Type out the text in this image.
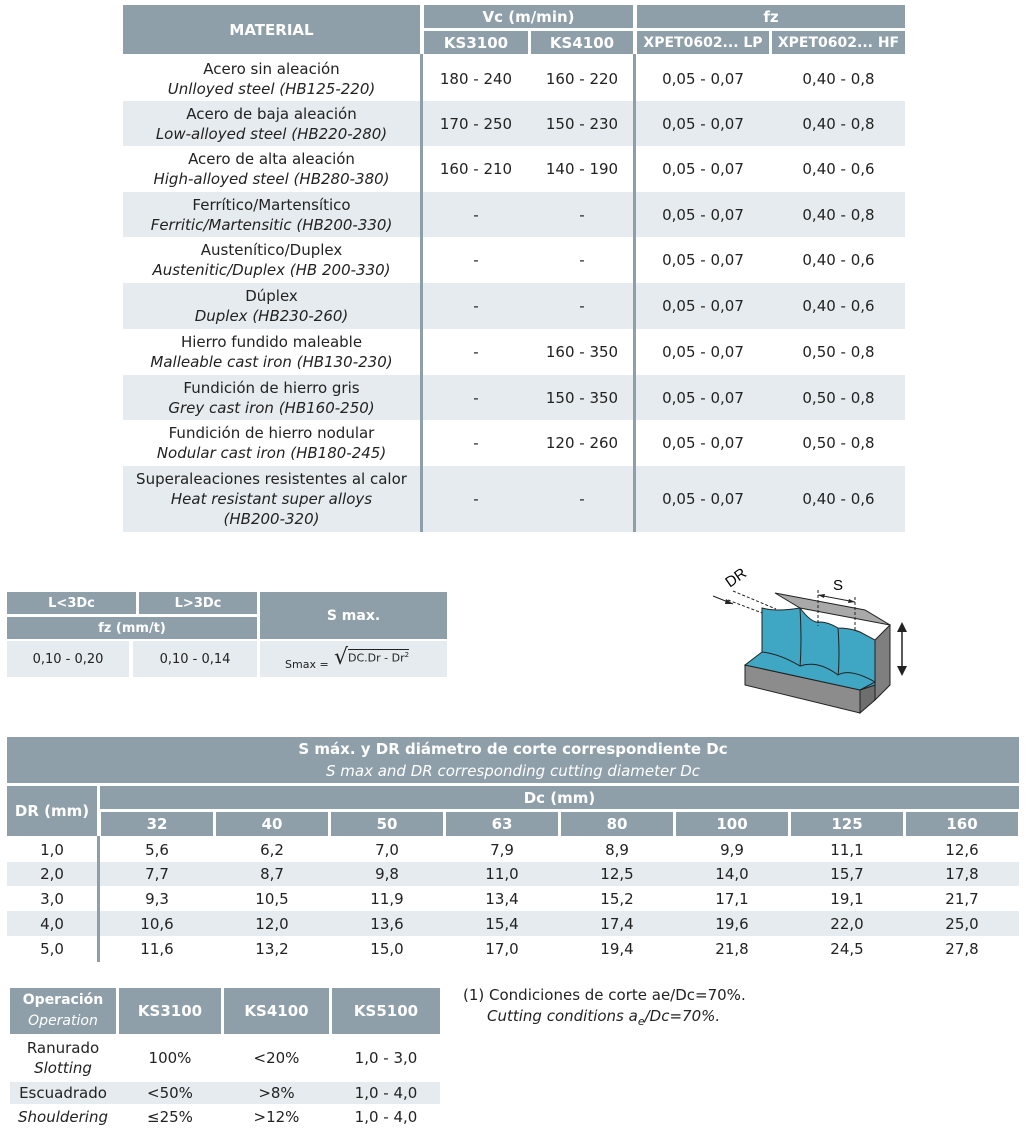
MATERIAL
Vc (m/min)	fz
KS3100	KS4100	XPET0602... LP	XPET0602... HF
Acero sin aleación
Unlloyed steel (HB125-220)
180 - 240	160 - 220	0,05 - 0,07	0,40 - 0,8
Acero de baja aleación
Low-alloyed steel (HB220-280)
170 - 250	150 - 230	0,05 - 0,07	0,40 - 0,8
Acero de alta aleación
High-alloyed steel (HB280-380)
160 - 210	140 - 190	0,05 - 0,07	0,40 - 0,6
Ferrítico/Martensítico
Ferritic/Martensitic (HB200-330)
-	-	0,05 - 0,07	0,40 - 0,8
Austenítico/Duplex
Austenitic/Duplex (HB 200-330)
-	-	0,05 - 0,07	0,40 - 0,6
Dúplex
Duplex (HB230-260)
-	-	0,05 - 0,07	0,40 - 0,6
Hierro fundido maleable
Malleable cast iron (HB130-230)
-	160 - 350	0,05 - 0,07	0,50 - 0,8
Fundición de hierro gris
Grey cast iron (HB160-250)
-	150 - 350	0,05 - 0,07	0,50 - 0,8
Fundición de hierro nodular
Nodular cast iron (HB180-245)
-	120 - 260	0,05 - 0,07	0,50 - 0,8
Superaleaciones resistentes al calor
Heat resistant super alloys
(HB200-320)
-	-	0,05 - 0,07	0,40 - 0,6
L<3Dc	L>3Dc
fz (mm/t)
S max.
0,10 - 0,20	0,10 - 0,14	Smax = √ DC.Dr - Dr$^2$
DR	S
S máx. y DR diámetro de corte correspondiente Dc
S max and DR corresponding cutting diameter Dc
DR (mm)
Dc (mm)
32	40	50	63	80	100	125	160
1,0	5,6	6,2	7,0	7,9	8,9	9,9	11,1	12,6
2,0	7,7	8,7	9,8	11,0	12,5	14,0	15,7	17,8
3,0	9,3	10,5	11,9	13,4	15,2	17,1	19,1	21,7
4,0	10,6	12,0	13,6	15,4	17,4	19,6	22,0	25,0
5,0	11,6	13,2	15,0	17,0	19,4	21,8	24,5	27,8
Operación
Operation
KS3100	KS4100	KS5100
Ranurado
Slotting
100%	<20%	1,0 - 3,0
Escuadrado	<50%	>8%	1,0 - 4,0
Shouldering	≤25%	>12%	1,0 - 4,0
(1) Condiciones de corte ae/Dc=70%.
Cutting conditions $a_e/Dc=70\%$.
